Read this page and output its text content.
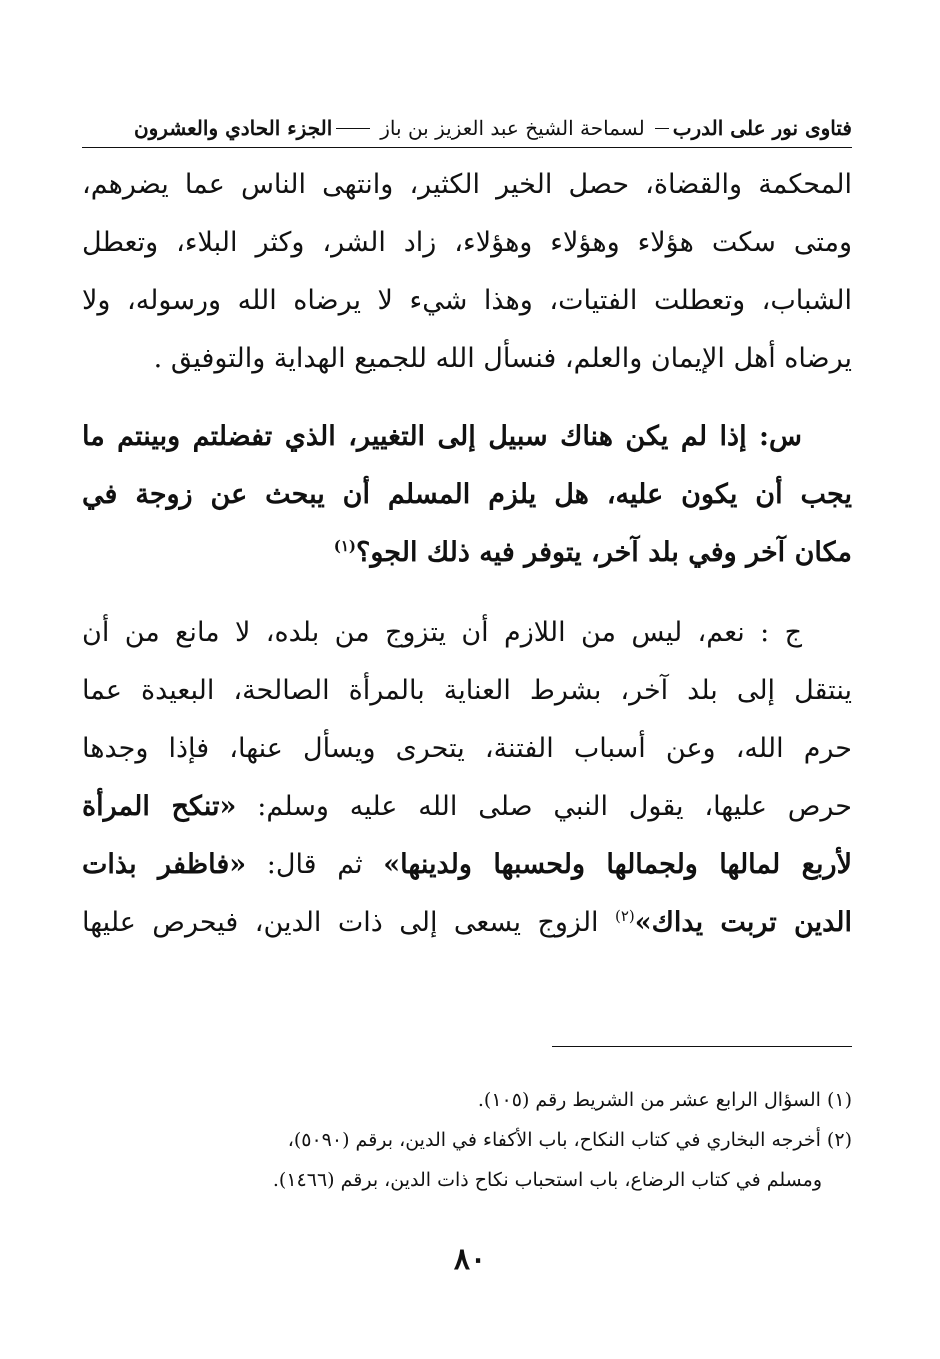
فتاوى نور على الدرب
لسماحة الشيخ عبد العزيز بن باز
الجزء الحادي والعشرون
المحكمة والقضاة، حصل الخير الكثير، وانتهى الناس عما يضرهم،
ومتى سكت هؤلاء وهؤلاء وهؤلاء، زاد الشر، وكثر البلاء، وتعطل
الشباب، وتعطلت الفتيات، وهذا شيء لا يرضاه الله ورسوله، ولا
يرضاه أهل الإيمان والعلم، فنسأل الله للجميع الهداية والتوفيق .
س: إذا لم يكن هناك سبيل إلى التغيير، الذي تفضلتم وبينتم ما
يجب أن يكون عليه، هل يلزم المسلم أن يبحث عن زوجة في
مكان آخر وفي بلد آخر، يتوفر فيه ذلك الجو؟$^{(١)}$
ج : نعم، ليس من اللازم أن يتزوج من بلده، لا مانع من أن
ينتقل إلى بلد آخر، بشرط العناية بالمرأة الصالحة، البعيدة عما
حرم الله، وعن أسباب الفتنة، يتحرى ويسأل عنها، فإذا وجدها
حرص عليها، يقول النبي صلى الله عليه وسلم: «تنكح المرأة
لأربع لمالها ولجمالها ولحسبها ولدينها» ثم قال: «فاظفر بذات
الدين تربت يداك»$^{(٢)}$ الزوج يسعى إلى ذات الدين، فيحرص عليها
(١) السؤال الرابع عشر من الشريط رقم (١٠٥).
(٢) أخرجه البخاري في كتاب النكاح، باب الأكفاء في الدين، برقم (٥٠٩٠)،
ومسلم في كتاب الرضاع، باب استحباب نكاح ذات الدين، برقم (١٤٦٦).
٨٠
